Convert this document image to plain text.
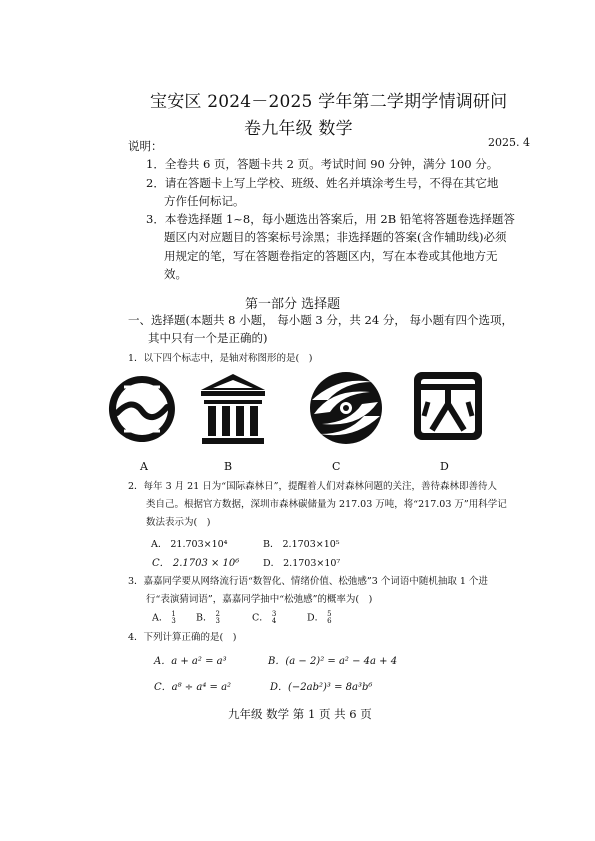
宝安区 2024－2025 学年第二学期学情调研问
卷九年级 数学
2025. 4
说明：
1．全卷共 6 页，答题卡共 2 页。考试时间 90 分钟，满分 100 分。
2．请在答题卡上写上学校、班级、姓名并填涂考生号，不得在其它地
方作任何标记。
3．本卷选择题 1~8，每小题选出答案后，用 2B 铅笔将答题卷选择题答
题区内对应题目的答案标号涂黑；非选择题的答案(含作辅助线)必须
用规定的笔，写在答题卷指定的答题区内，写在本卷或其他地方无
效。
第一部分 选择题
一、选择题(本题共 8 小题， 每小题 3 分，共 24 分， 每小题有四个选项，
其中只有一个是正确的)
1．以下四个标志中，是轴对称图形的是(　)
A	B	C	D
2．每年 3 月 21 日为“国际森林日”，提醒着人们对森林问题的关注，善待森林即善待人
类自己。根据官方数据，深圳市森林碳储量为 217.03 万吨，将“217.03 万”用科学记
数法表示为(　)
A． 21.703×10⁴	B． 2.1703×10⁵
C． 2.1703 × 10⁶ D． 2.1703×10⁷
3．嘉嘉同学要从网络流行语“数智化、情绪价值、松弛感”3 个词语中随机抽取 1 个进
行“表演猜词语”，嘉嘉同学抽中“松弛感”的概率为(　)
A． 1
3 B． 2
3	C． 3
4	D． 5
6
4．下列计算正确的是(　)
A．a + a² = a³	B．(a − 2)² = a² − 4a + 4
C．a⁸ ÷ a⁴ = a²	D．(−2ab²)³ = 8a³b⁶
九年级 数学 第 1 页 共 6 页
